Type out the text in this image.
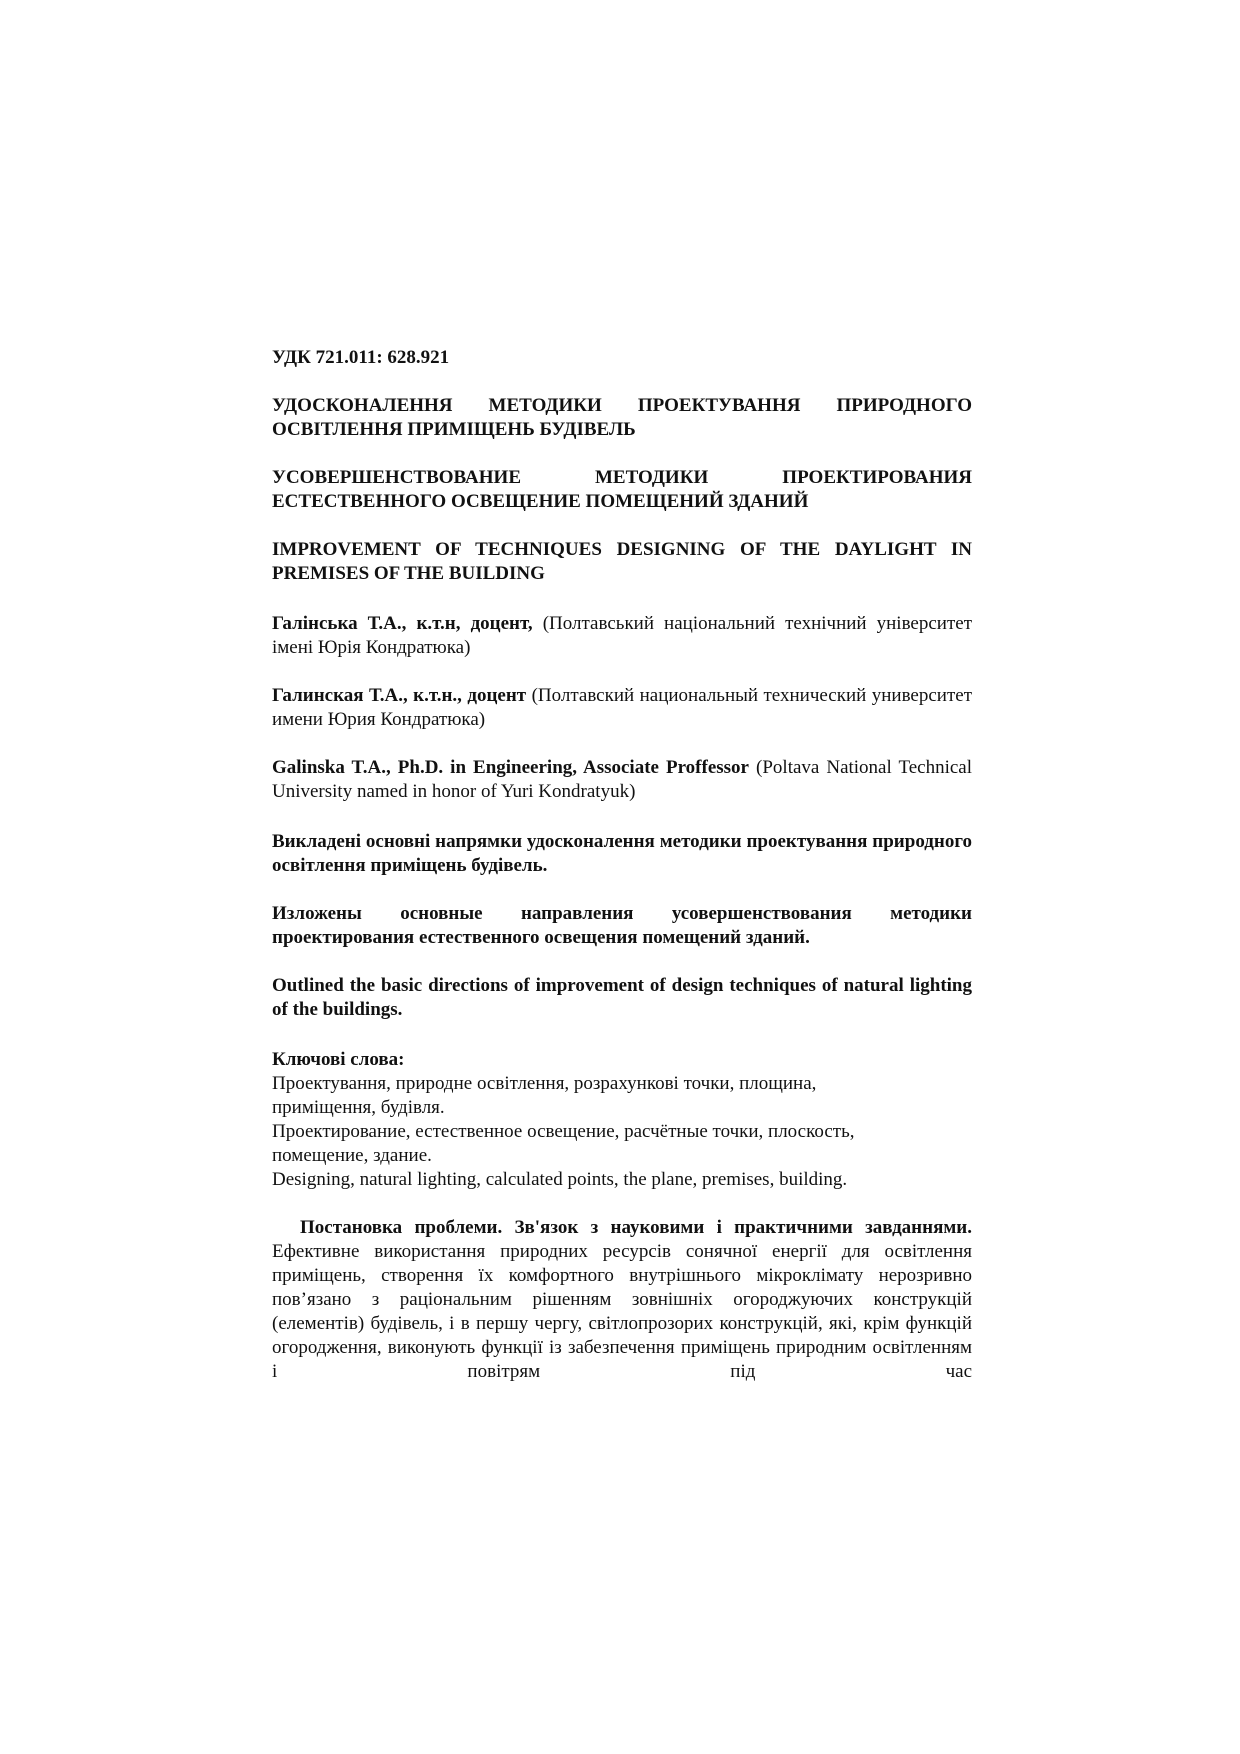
УДК 721.011: 628.921

УДОСКОНАЛЕННЯ МЕТОДИКИ ПРОЕКТУВАННЯ ПРИРОДНОГО ОСВІТЛЕННЯ ПРИМІЩЕНЬ БУДІВЕЛЬ

УСОВЕРШЕНСТВОВАНИЕ МЕТОДИКИ ПРОЕКТИРОВАНИЯ ЕСТЕСТВЕННОГО ОСВЕЩЕНИЕ ПОМЕЩЕНИЙ ЗДАНИЙ

IMPROVEMENT OF TECHNIQUES DESIGNING OF THE DAYLIGHT IN PREMISES OF THE BUILDING

Галінська Т.А., к.т.н, доцент, (Полтавський національний технічний університет імені Юрія Кондратюка)

Галинская Т.А., к.т.н., доцент (Полтавский национальный технический университет имени Юрия Кондратюка)

Galinska T.A., Ph.D. in Engineering, Associate Proffessor (Poltava National Technical University named in honor of Yuri Kondratyuk)

Викладені основні напрямки удосконалення методики проектування природного освітлення приміщень будівель.

Изложены основные направления усовершенствования методики проектирования естественного освещения помещений зданий.

Outlined the basic directions of improvement of design techniques of natural lighting of the buildings.

Ключові слова:

Проектування, природне освітлення, розрахункові точки, площина, приміщення, будівля.

Проектирование, естественное освещение, расчётные точки, плоскость, помещение, здание.

Designing, natural lighting, calculated points, the plane, premises, building.

Постановка проблеми. Зв'язок з науковими і практичними завданнями. Ефективне використання природних ресурсів сонячної енергії для освітлення приміщень, створення їх комфортного внутрішнього мікроклімату нерозривно пов’язано з раціональним рішенням зовнішніх огороджуючих конструкцій (елементів) будівель, і в першу чергу, світлопрозорих конструкцій, які, крім функцій огородження, виконують функції із забезпечення приміщень природним освітленням і повітрям під час
